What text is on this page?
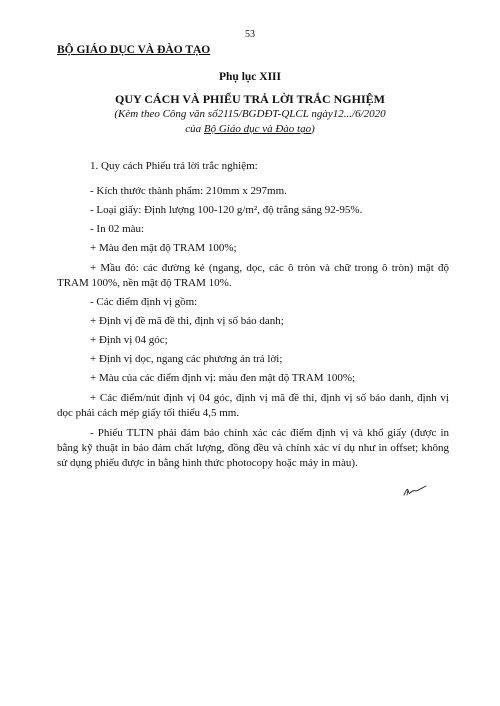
53
BỘ GIÁO DỤC VÀ ĐÀO TẠO
Phụ lục XIII
QUY CÁCH VÀ PHIẾU TRẢ LỜI TRẮC NGHIỆM
(Kèm theo Công văn số2115/BGDĐT-QLCL ngày12.../6/2020
của Bộ Giáo dục và Đào tạo)
1. Quy cách Phiếu trả lời trắc nghiệm:
- Kích thước thành phẩm: 210mm x 297mm.
- Loại giấy: Định lượng 100-120 g/m², độ trắng sáng 92-95%.
- In 02 màu:
+ Màu đen mật độ TRAM 100%;
+ Mầu đỏ: các đường kẻ (ngang, dọc, các ô tròn và chữ trong ô tròn) mật độ
TRAM 100%, nền mật độ TRAM 10%.
- Các điểm định vị gồm:
+ Định vị đề mã đề thi, định vị số báo danh;
+ Định vị 04 góc;
+ Định vị dọc, ngang các phương án trả lời;
+ Màu của các điểm định vị: màu đen mật độ TRAM 100%;
+ Các điểm/nút định vị 04 góc, định vị mã đề thi, định vị số báo danh, định vị
dọc phải cách mép giấy tối thiểu 4,5 mm.
- Phiếu TLTN phải đảm bảo chính xác các điểm định vị và khổ giấy (được in
bằng kỹ thuật in bảo đảm chất lượng, đồng đều và chính xác ví dụ như in offset; không
sử dụng phiếu được in bằng hình thức photocopy hoặc máy in màu).
